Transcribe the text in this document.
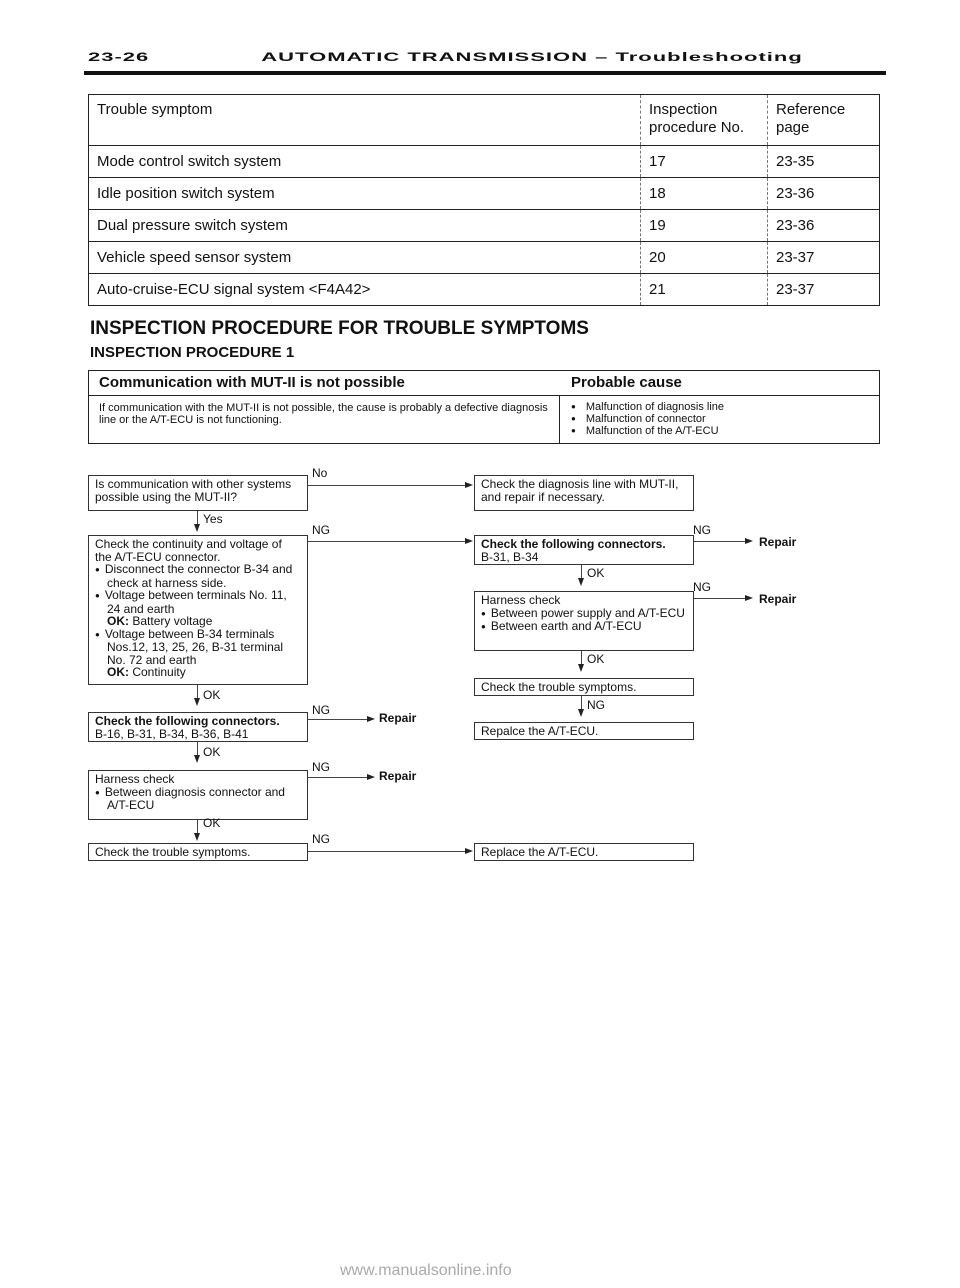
23-26	AUTOMATIC TRANSMISSION – Troubleshooting
Trouble symptom	Inspection procedure No.	Reference page
Mode control switch system	17	23-35
Idle position switch system	18	23-36
Dual pressure switch system	19	23-36
Vehicle speed sensor system	20	23-37
Auto-cruise-ECU signal system <F4A42>	21	23-37
INSPECTION PROCEDURE FOR TROUBLE SYMPTOMS
INSPECTION PROCEDURE 1
Communication with MUT-II is not possible	Probable cause
If communication with the MUT-II is not possible, the cause is probably a defective diagnosis line or the A/T-ECU is not functioning.
● Malfunction of diagnosis line
● Malfunction of connector
● Malfunction of the A/T-ECU
Is communication with other systems possible using the MUT-II?
No
Yes
Check the continuity and voltage of the A/T-ECU connector.
● Disconnect the connector B-34 and check at harness side.
● Voltage between terminals No. 11, 24 and earth
OK: Battery voltage
● Voltage between B-34 terminals Nos.12, 13, 25, 26, B-31 terminal No. 72 and earth
OK: Continuity
NG
OK
Check the following connectors.
B-16, B-31, B-34, B-36, B-41
NG
Repair
OK
Harness check
● Between diagnosis connector and A/T-ECU
NG
Repair
OK
Check the trouble symptoms.
NG
Check the diagnosis line with MUT-II, and repair if necessary.
Check the following connectors.
B-31, B-34
NG
Repair
OK
Harness check
● Between power supply and A/T-ECU
● Between earth and A/T-ECU
NG
Repair
OK
Check the trouble symptoms.
NG
Repalce the A/T-ECU.
Replace the A/T-ECU.
www.manualsonline.info
